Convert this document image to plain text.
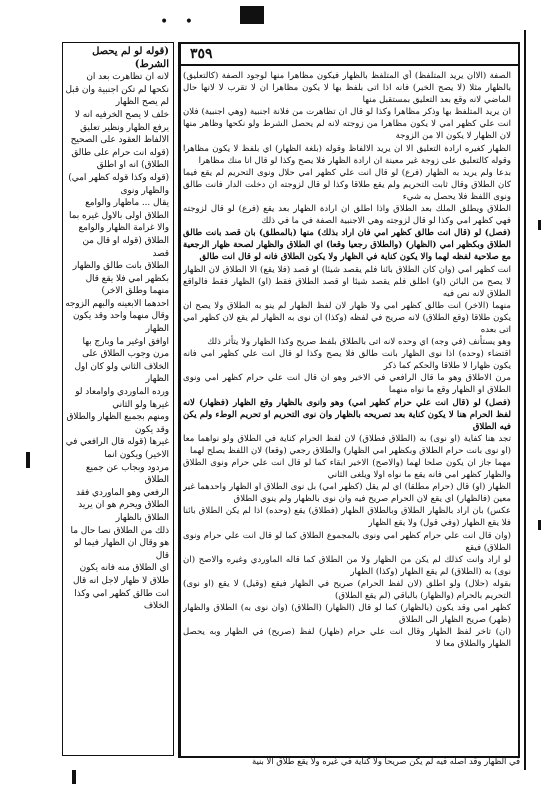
• •
٣٥٩

الصفة (الاان يريد المتلفظ) أي المتلفظ بالظهار فيكون مظاهرا منها لوجود الصفة (كالتعليق) بالظهار مثلا (لا يصح الخبر) فانه اذا اتى بلفظ بها لا يكون مظاهرا ان لا تقرب لا لانها حال الماضي لانه وقع بعد التعليق بمستقبل منها

ان يريد المتلفظ بها وذكر مظاهرا وكذا لو قال ان تظاهرت من فلانة اجنبية (وهي اجنبية) فلان انت علي كظهر امي لا يكون مظاهرا من زوجته لانه لم يحصل الشرط ولو نكحها وظاهر منها لان الظهار لا يكون الا من الزوجة

الظهار كغيره ارادة التعليق الا ان يريد الالفاظ وقوله (بلغة الظهار) اي بلفظ لا يكون مظاهرا وقوله كالتعليق على زوجة غير معينة ان ارادة الظهار فلا يصح وكذا لو قال انا منك مظاهرا

بدعا ولم يريد به الظهار (فرع) لو قال انت علي كظهر امي حلال ونوى التحريم لم يقع فيما كان الطلاق وقال ثابت التحريم ولم يقع طلاقا وكذا لو قال لزوجته ان دخلت الدار فانت طالق ونوى اللفظ فلا يحصل به شيء

الطلاق ويطلق الملك بعد الطلاق واذا اطلق ان ارادة الظهار بعد يقع (فرع) لو قال لزوجته فهي كظهر امي وكذا لو قال لزوجته وهي الاجنبية الصفة في ما في ذلك

(فصل) لو (قال انت طالق كظهر امي فان اراد بذلك) منها (بالمطلق) بان قصد بانت طالق الطلاق وبكظهر امي (الظهار) (والطلاق رجعيا وقعا) اي الطلاق والظهار لصحة ظهار الرجعية مع صلاحية لفظه لهما والا يكون كناية في الظهار ولا يكون الطلاق فانه لو قال انت طالق

انت كظهر امي (وان كان الطلاق بائنا فلم يقصد شيئا) او قصد (فلا يقع) الا الطلاق لان الظهار لا يصح من البائن (او) اطلق فلم يقصد شيئا او قصد الطلاق فقط (او) الظهار فقط فالواقع الطلاق لانه نص فيه

منهما (الاخر) انت طالق كظهر امي ولا ظهار لان لفظ الظهار لم ينو به الطلاق ولا يصح ان يكون طلاقا (وقع الطلاق) لانه صريح في لفظه (وكذا) ان نوى به الظهار لم يقع لان كظهر امي اتى بعده

وهو يستأنف (في وجه) اي وحده لانه اتى بالطلاق بلفظ صريح وكذا الظهار ولا يتأثر ذلك

اقتضاء (وحده) اذا نوى الظهار بانت طالق فلا يصح وكذا لو قال انت علي كظهر امي فانه يكون ظهارا لا طلاقا والحكم كما ذكر

مرن الاطلاق وهو ما قال الرافعي في الاخير وهو ان قال انت علي حرام كظهر امي ونوى الطلاق او الظهار وقع ما نواه منهما

(فصل) لو (قال انت علي حرام كظهر امي) وهو وانوى بالظهار وقع الظهار (فظهار) لانه لفظ الحرام هنا لا يكون كناية بعد تصريحه بالظهار وان نوى التحريم او تحريم الوطء ولم يكن فيه الطلاق

تجد هنا كفاية (او نوى) به (الطلاق فطلاق) لان لفظ الحرام كناية في الطلاق ولو نواهما معا (او نوى بانت حرام الطلاق وبكظهر امي الظهار) والطلاق رجعي (وقعا) لان اللفظ يصلح لهما

مهما جاز ان يكون صلحا لهما (والاصح) الاخير ابقاء كما لو قال انت علي حرام ونوى الطلاق والظهار كظهر امي فانه يقع ما نواه اولا ويلغى الثاني

الظهار (او) قال (حرام مطلقا) اي لم يقل (كظهر امي) بل نوى الطلاق او الظهار واحدهما غير معين (فالظهار) اي يقع لان الحرام صريح فيه وان نوى بالظهار ولم ينوي الطلاق

عكس) بان اراد بالظهار الطلاق وبالطلاق الظهار (فطلاق) يقع (وحده) اذا لم يكن الطلاق بائنا فلا يقع الظهار (وفي قول) ولا يقع الظهار

(وان قال انت علي حرام كظهر امي ونوى بالمجموع الطلاق كما لو قال انت علي حرام ونوى الطلاق) فيقع

لو اراد وانت كذلك لم يكن من الظهار ولا من الطلاق كما قاله الماوردي وغيره والاصح (ان نوى) به (الطلاق) لم يقع الظهار (وكذا) الظهار

بقوله (حلال) ولو اطلق (لان لفظ الحرام) صريح في الظهار فيقع (وقيل) لا يقع (او نوى) التحريم بالحرام (والظهار) بالباقي (لم يقع الطلاق)

كظهر امي وقد يكون (بالظهار) كما لو قال (الظهار) (الطلاق) (وان نوى به) الطلاق والظهار (ظهر) صريح الظهار الى الطلاق

(ان) تاخر لفظ الظهار وقال انت علي حرام (ظهار) لفظ (صريح) في الظهار وبه يحصل الظهار والطلاق معا لا

(قوله لو لم يحصل الشرط)

لانه ان تظاهرت بعد ان نكحها لم تكن اجنبية وان قبل لم يصح الظهار

خلف لا يصح الخرفيه انه لا يرفع الظهار ونظير تعليق الالفاظ العقود على الصحيح (قوله انت حرام على طالق الطلاق) انه او اطلق

(قوله وكذا قوله كظهر امي) والظهار ونوى

يقال ... ماظهار والوامع الطلاق اولى بالاول غيره بما والا غرامة الظهار والوامع الطلاق (قوله او قال من قصد

الطلاق بانت طالق والظهار بكظهر امي فلا يقع قال منهما وطلق الاخر)

احدهما الابعينه والبهم الزوجه وقال منهما واحد وقد يكون الظهار

اوافق اوغير ما وبارج بها

مرن وجوب الطلاق على الخلاف الثاني ولو كان اول الظهار

ورده الماوردي واوامعاد لو غيرها ولو الثاني

ومنهم بجميع الظهار والطلاق وقد يكون

غيرها (قوله قال الرافعي في الاخير) ويكون انما

مردود وبجاب عن جميع الطلاق

الرفعي وهو الماوردي فقد الطلاق ويحرم هو ان يريد الطلاق بالظهار

ذلك من الطلاق نصا حال ما هو وقال ان الظهار فيما لو قال

اي الطلاق منه فانه يكون طلاق لا ظهار لاجل انه قال انت طالق كظهر امي وكذا الخلاف

في الظهار وقد اصله فيه لم يكن صريحا ولا كناية في غيره ولا يقع طلاق الا بنية
